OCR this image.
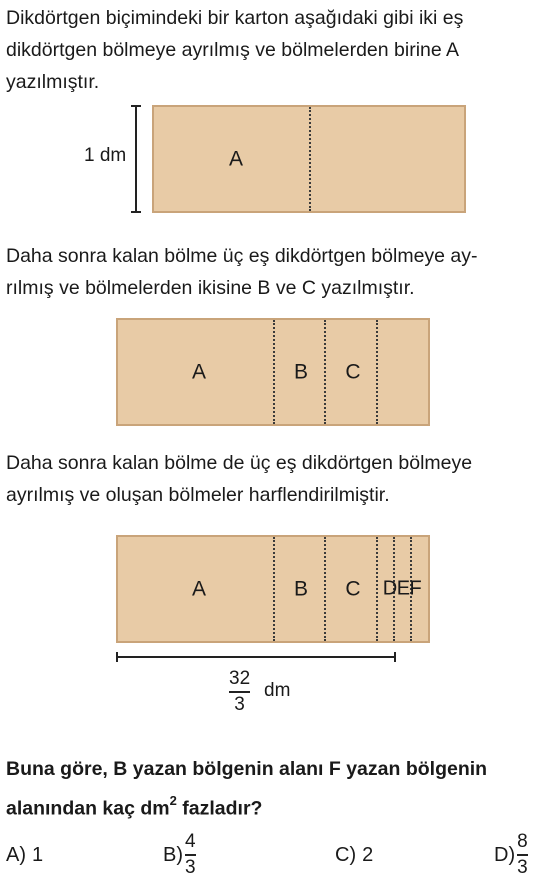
Dikdörtgen biçimindeki bir karton aşağıdaki gibi iki eş
dikdörtgen bölmeye ayrılmış ve bölmelerden birine A
yazılmıştır.
1 dm	A
Daha sonra kalan bölme üç eş dikdörtgen bölmeye ay-
rılmış ve bölmelerden ikisine B ve C yazılmıştır.
A	B C
Daha sonra kalan bölme de üç eş dikdörtgen bölmeye
ayrılmış ve oluşan bölmeler harflendirilmiştir.
A	B C DEF
32
3
dm
Buna göre, B yazan bölgenin alanı F yazan bölgenin
alanından kaç $dm^2$ fazladır?
A) 1	$B) \frac{4}{3}$	C) 2	$D) \frac{8}{3}$
